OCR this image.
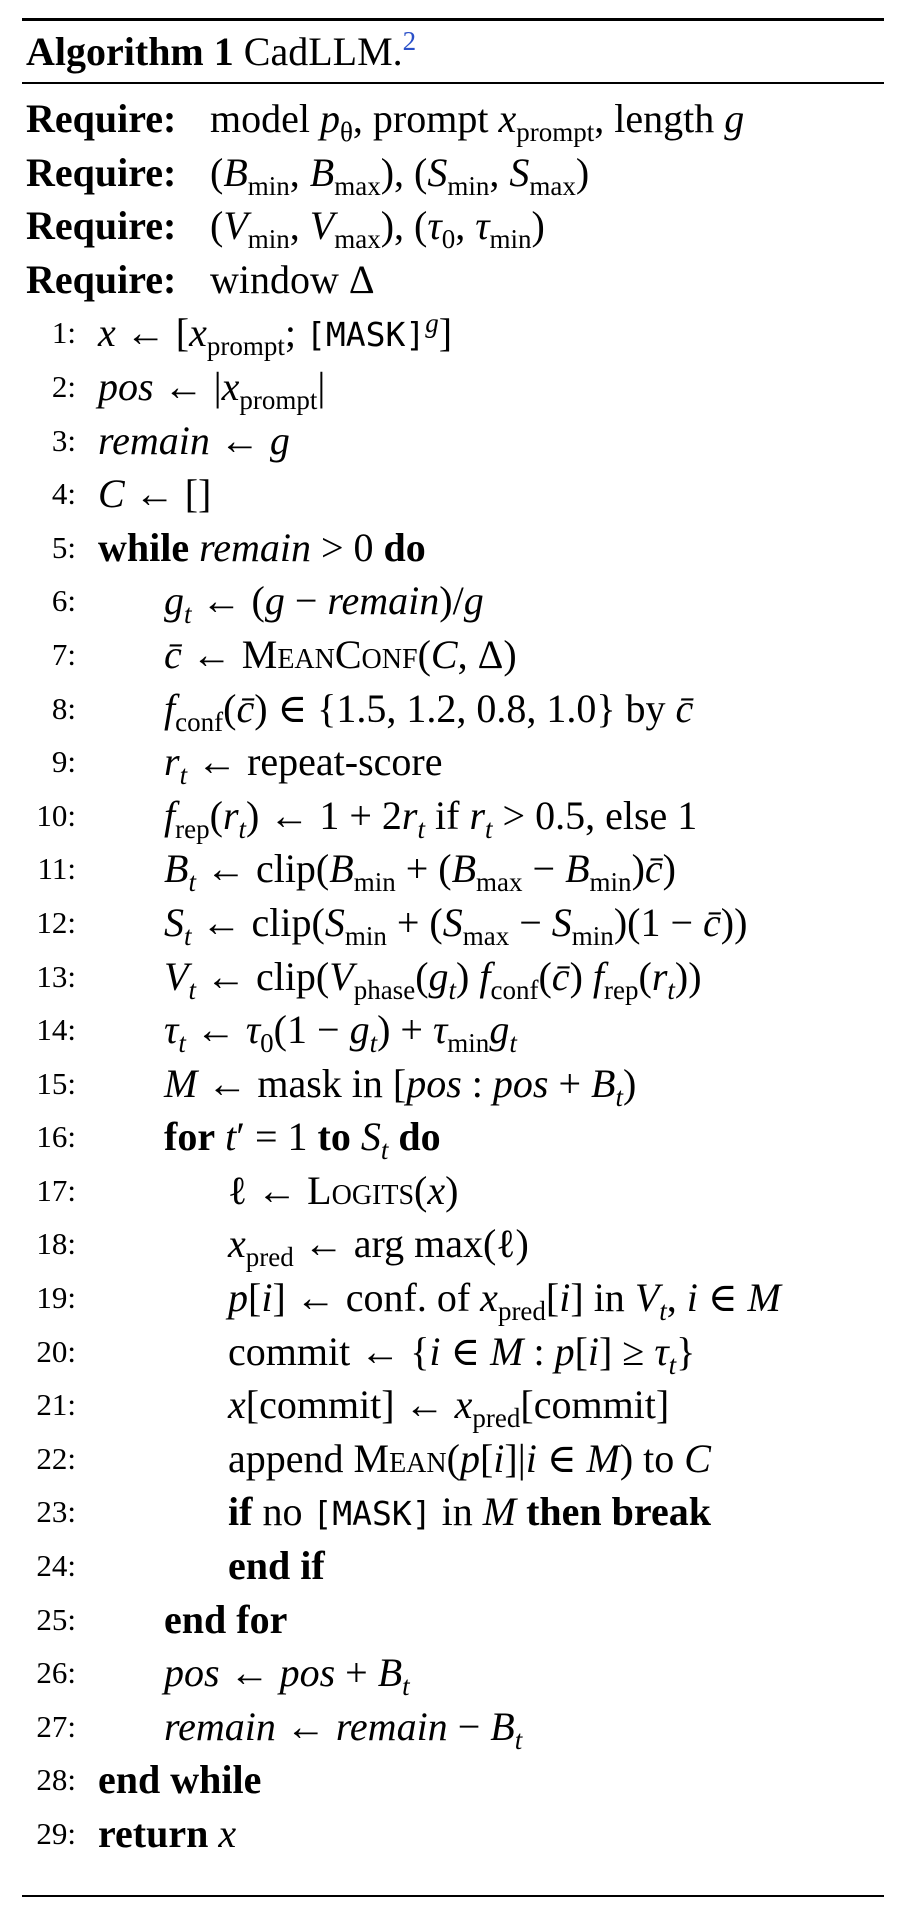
Algorithm 1 CadLLM.$^2$
Require: model $p_\theta$, prompt $x_{prompt}$, length g
Require: ($B_{min}$, $B_{max}$), ($S_{min}$, $S_{max}$)
Require: ($V_{min}$, $V_{max}$), ($\tau_0$, $\tau_{min}$)
Require: window Δ
1: x ← [$x_{prompt}$; [MASK]$^g$]
2: pos ← $|x_{prompt}|$
3: remain ← g
4: C ← []
5: while remain > 0 do
6: $g_t$ ← (g − remain)/g
7: c̄ ← MeanConf(C, Δ)
8: $f_{conf}(c̄)$ ∈ {1.5, 1.2, 0.8, 1.0} by c̄
9: $r_t$ ← repeat-score
10: $f_{rep}(r_t)$ ← $1 + 2r_t$ if $r_t > 0.5$, else 1
11: $B_t$ ← $clip(B_{min} + (B_{max}$ − $B_{min})c̄$)
12: $S_t$ ← $clip(S_{min} + (S_{max} - S_{min})(1$ − c̄))
13: $V_t$ ← $clip(V_{phase}(g_t)$ $f_{conf}(c̄)$ $f_{rep}(r_t)$)
14: $\tau_t$ ← $\tau_0(1 - g_t) + \tau_{min}g_t$
15: M ← mask in [pos : pos + $B_t$)
16: for t′ = 1 to $S_t$ do
17:	ℓ ← Logits(x)
18:	$x_{pred}$ ← arg max(ℓ)
19:	p[i] ← conf. of $x_{pred}[i]$ in $V_t$, i ∈ M
20:	commit ← {i ∈ M : $p[i] \ge \tau_t$}
21:	x[commit] ← $x_{pred}[commit]$
22:	append Mean(p[i]|i ∈ M) to C
23:	if no [MASK] in M then break
24:	end if
25: end for
26: pos ← pos + $B_t$
27: remain ← remain − $B_t$
28: end while
29: return x
